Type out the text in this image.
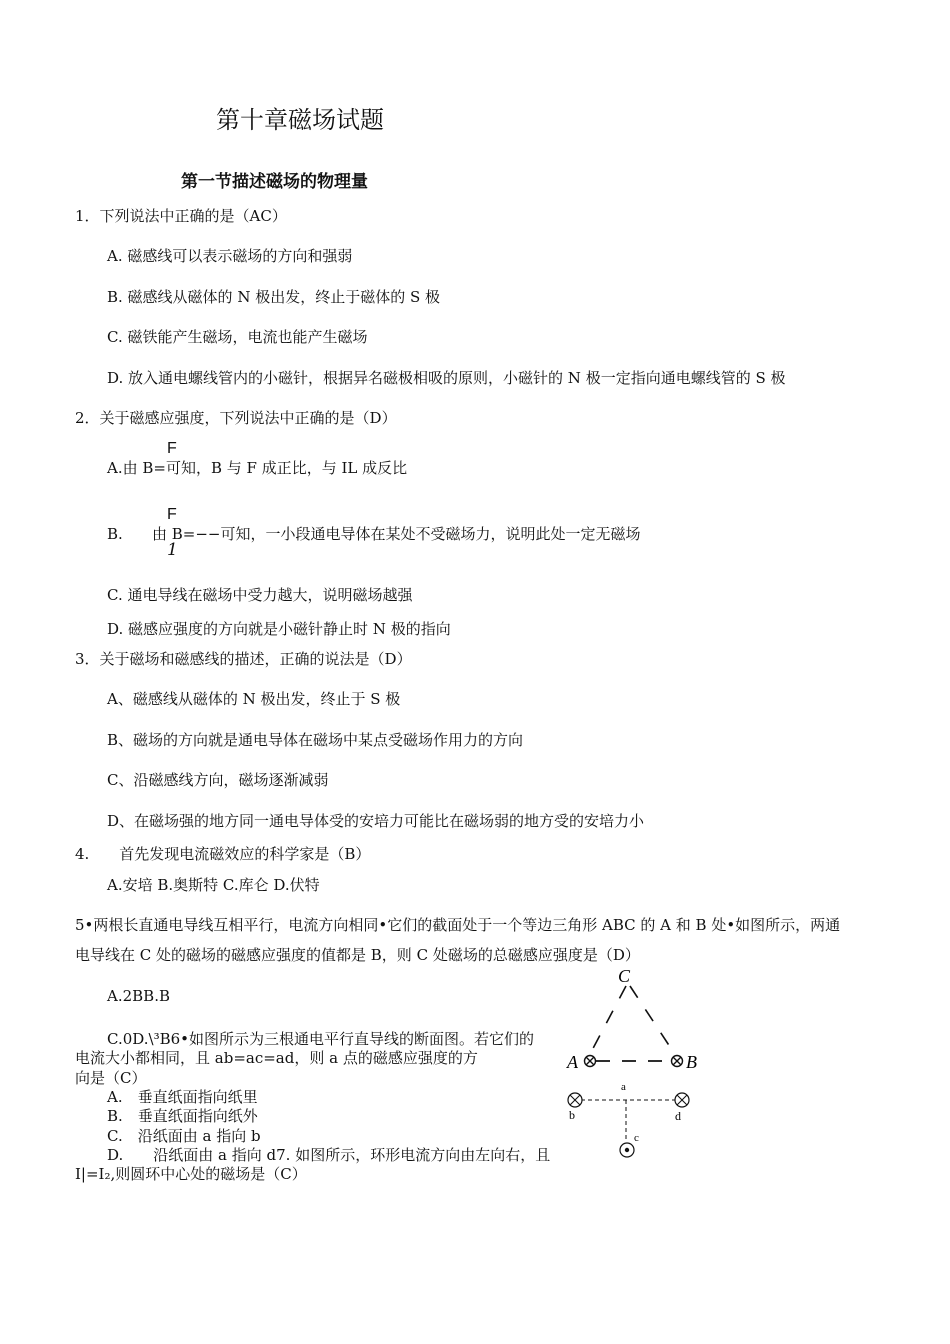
第十章磁场试题
第一节描述磁场的物理量
1．下列说法中正确的是（AC）
A. 磁感线可以表示磁场的方向和强弱
B. 磁感线从磁体的 N 极出发，终止于磁体的 S 极
C. 磁铁能产生磁场，电流也能产生磁场
D. 放入通电螺线管内的小磁针，根据异名磁极相吸的原则，小磁针的 N 极一定指向通电螺线管的 S 极
2．关于磁感应强度，下列说法中正确的是（D）
F
A.由 B=可知，B 与 F 成正比，与 IL 成反比
F
B. 由 B=−−可知，一小段通电导体在某处不受磁场力，说明此处一定无磁场
1
C. 通电导线在磁场中受力越大，说明磁场越强
D. 磁感应强度的方向就是小磁针静止时 N 极的指向
3．关于磁场和磁感线的描述，正确的说法是（D）
A、磁感线从磁体的 N 极出发，终止于 S 极
B、磁场的方向就是通电导体在磁场中某点受磁场作用力的方向
C、沿磁感线方向，磁场逐渐减弱
D、在磁场强的地方同一通电导体受的安培力可能比在磁场弱的地方受的安培力小
4.　　首先发现电流磁效应的科学家是（B）
A.安培 B.奥斯特 C.库仑 D.伏特
5•两根长直通电导线互相平行，电流方向相同•它们的截面处于一个等边三角形 ABC 的 A 和 B 处•如图所示，两通
电导线在 C 处的磁场的磁感应强度的值都是 B，则 C 处磁场的总磁感应强度是（D）
A.2BB.B
C.0D.\³B6•如图所示为三根通电平行直导线的断面图。若它们的
电流大小都相同，且 ab=ac=ad，则 a 点的磁感应强度的方
向是（C）
A.　垂直纸面指向纸里
B.　垂直纸面指向纸外
C.　沿纸面由 a 指向 b
D.　　沿纸面由 a 指向 d7. 如图所示，环形电流方向由左向右，且
I|=I₂,则圆环中心处的磁场是（C）
C
A	B
a
b	d
c
